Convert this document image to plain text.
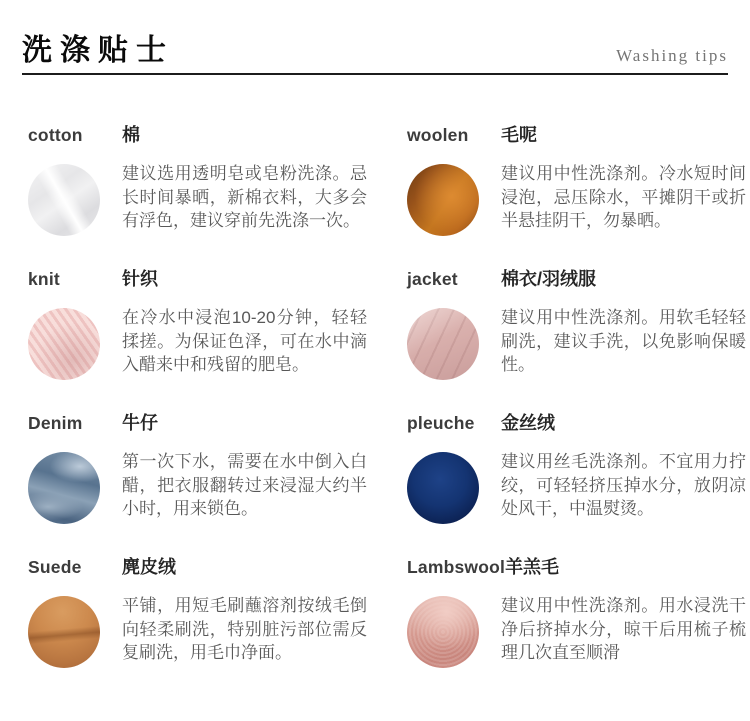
洗涤贴士	Washing tips
cotton	棉

建议选用透明皂或皂粉洗涤。忌长时间暴晒，新棉衣料，大多会有浮色，建议穿前先洗涤一次。

woolen	毛呢

建议用中性洗涤剂。冷水短时间浸泡，忌压除水，平摊阴干或折半悬挂阴干，勿暴晒。

knit	针织

在冷水中浸泡10-20分钟，轻轻揉搓。为保证色泽，可在水中滴入醋来中和残留的肥皂。

jacket	棉衣/羽绒服

建议用中性洗涤剂。用软毛轻轻刷洗，建议手洗，以免影响保暖性。

Denim	牛仔

第一次下水，需要在水中倒入白醋，把衣服翻转过来浸湿大约半小时，用来锁色。

pleuche	金丝绒

建议用丝毛洗涤剂。不宜用力拧绞，可轻轻挤压掉水分，放阴凉处风干，中温熨烫。

Suede	麂皮绒

平铺，用短毛刷蘸溶剂按绒毛倒向轻柔刷洗，特别脏污部位需反复刷洗，用毛巾净面。

Lambswool 羊羔毛

建议用中性洗涤剂。用水浸洗干净后挤掉水分，晾干后用梳子梳理几次直至顺滑
